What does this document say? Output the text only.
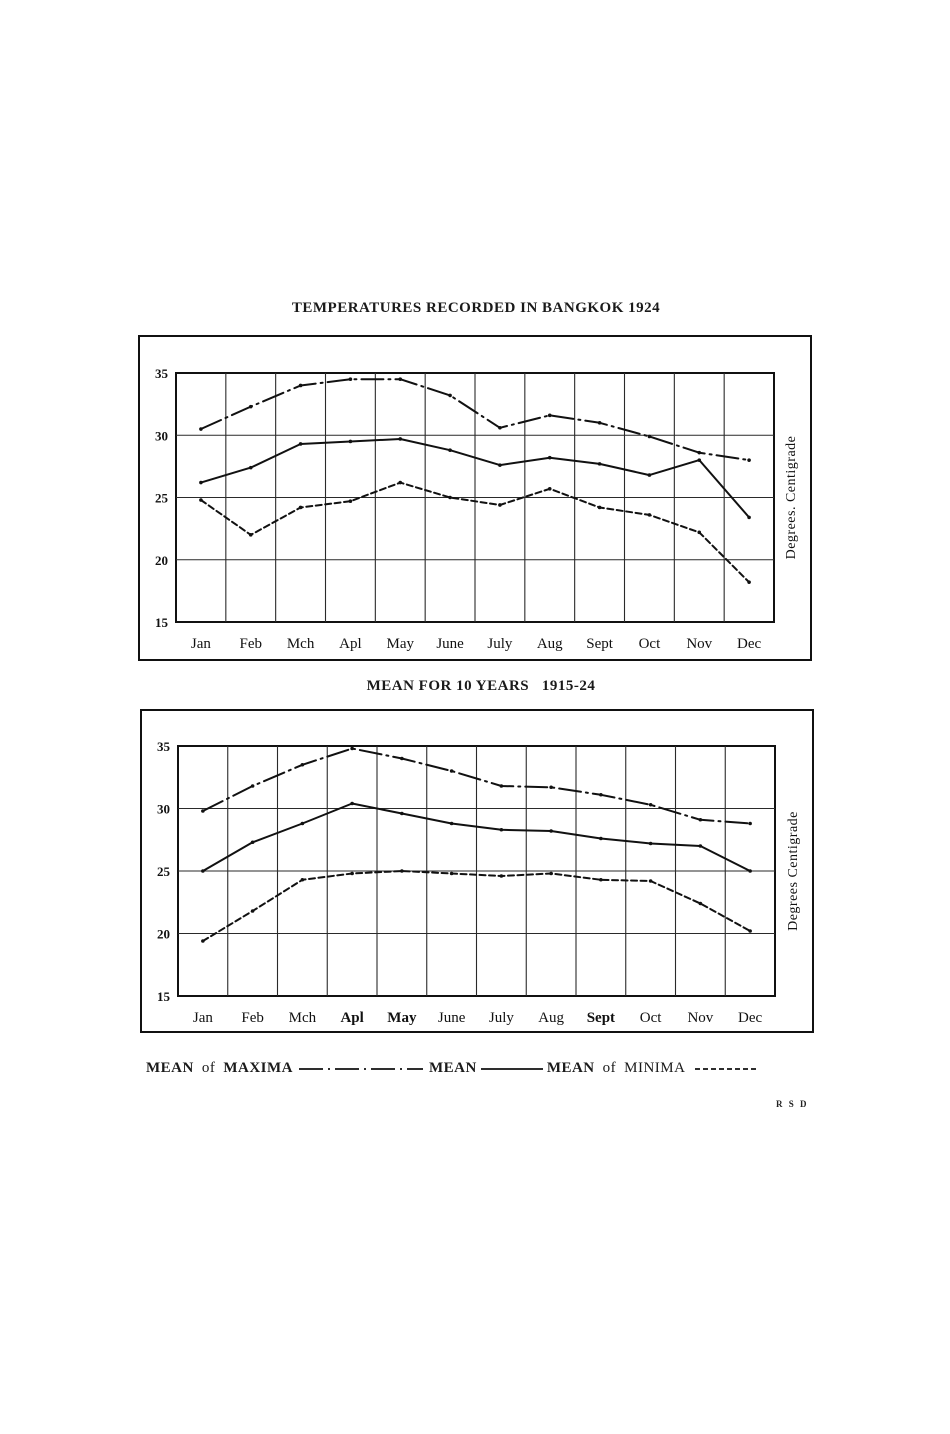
TEMPERATURES RECORDED IN BANGKOK 1924
35
30
25
20
15
Jan Feb Mch Apl May June July Aug Sept Oct Nov Dec
Degrees. Centigrade
MEAN FOR 10 YEARS   1915-24
35
30
25
20
15
Jan Feb Mch Apl May June July Aug Sept Oct Nov Dec
Degrees Centigrade
MEAN of MAXIMA	MEAN	MEAN of MINIMA
R S D
